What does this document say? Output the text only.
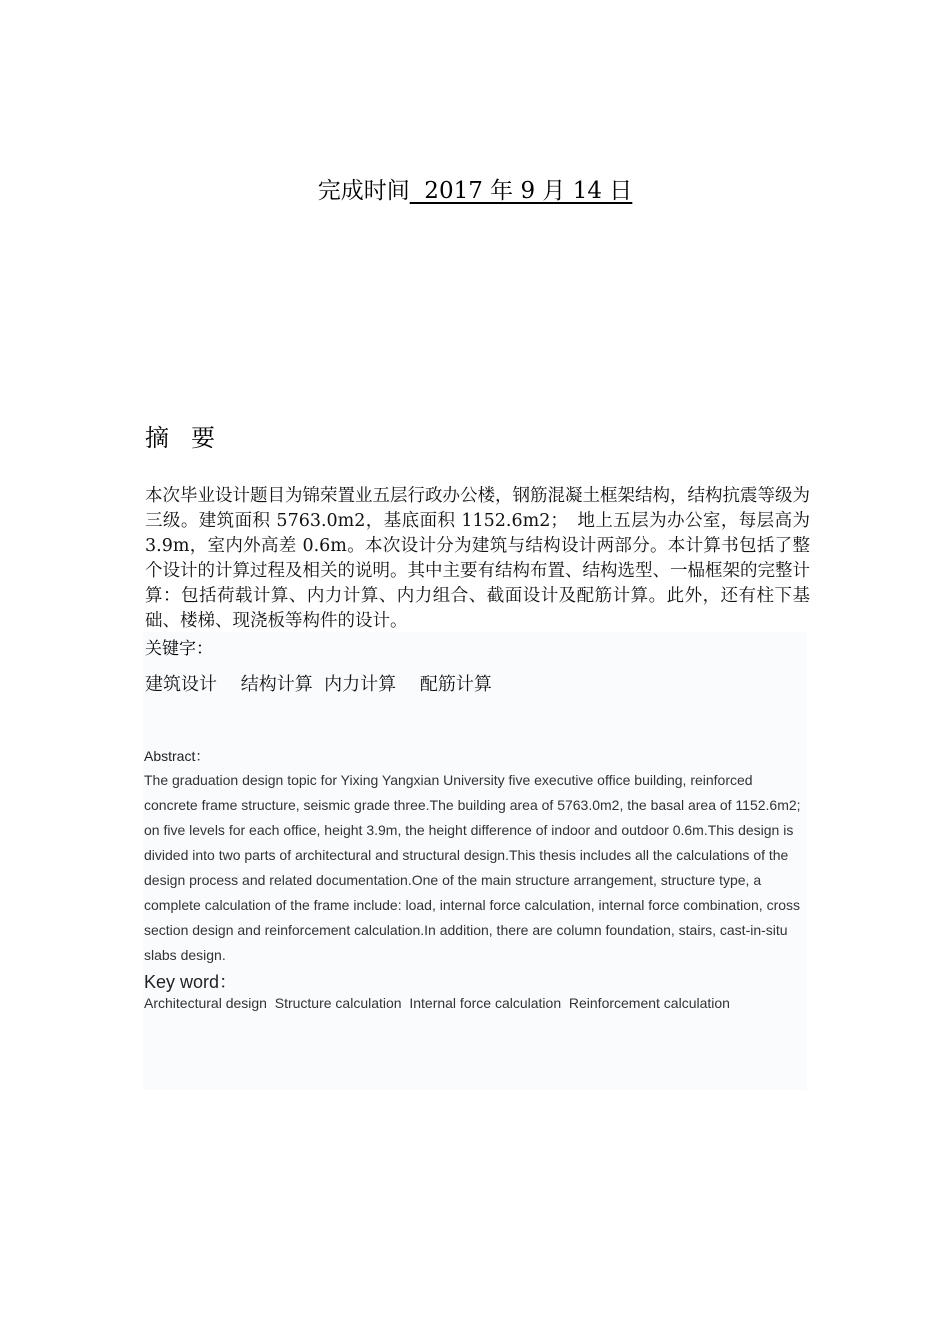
完成时间  2017 年 9 月 14 日
摘要
本次毕业设计题目为锦荣置业五层行政办公楼，钢筋混凝土框架结构，结构抗震等级为三级。建筑面积 5763.0m2，基底面积 1152.6m2；　地上五层为办公室，每层高为 3.9m，室内外高差 0.6m。本次设计分为建筑与结构设计两部分。本计算书包括了整个设计的计算过程及相关的说明。其中主要有结构布置、结构选型、一榀框架的完整计算：包括荷载计算、内力计算、内力组合、截面设计及配筋计算。此外，还有柱下基础、楼梯、现浇板等构件的设计。
关键字：
建筑设计　 结构计算  内力计算　 配筋计算
Abstract：
The graduation design topic for Yixing Yangxian University five executive office building, reinforced concrete frame structure, seismic grade three.The building area of 5763.0m2, the basal area of 1152.6m2; on five levels for each office, height 3.9m, the height difference of indoor and outdoor 0.6m.This design is divided into two parts of architectural and structural design.This thesis includes all the calculations of the design process and related documentation.One of the main structure arrangement, structure type, a complete calculation of the frame include: load, internal force calculation, internal force combination, cross section design and reinforcement calculation.In addition, there are column foundation, stairs, cast-in-situ slabs design.
Key word：
Architectural design  Structure calculation  Internal force calculation  Reinforcement calculation
